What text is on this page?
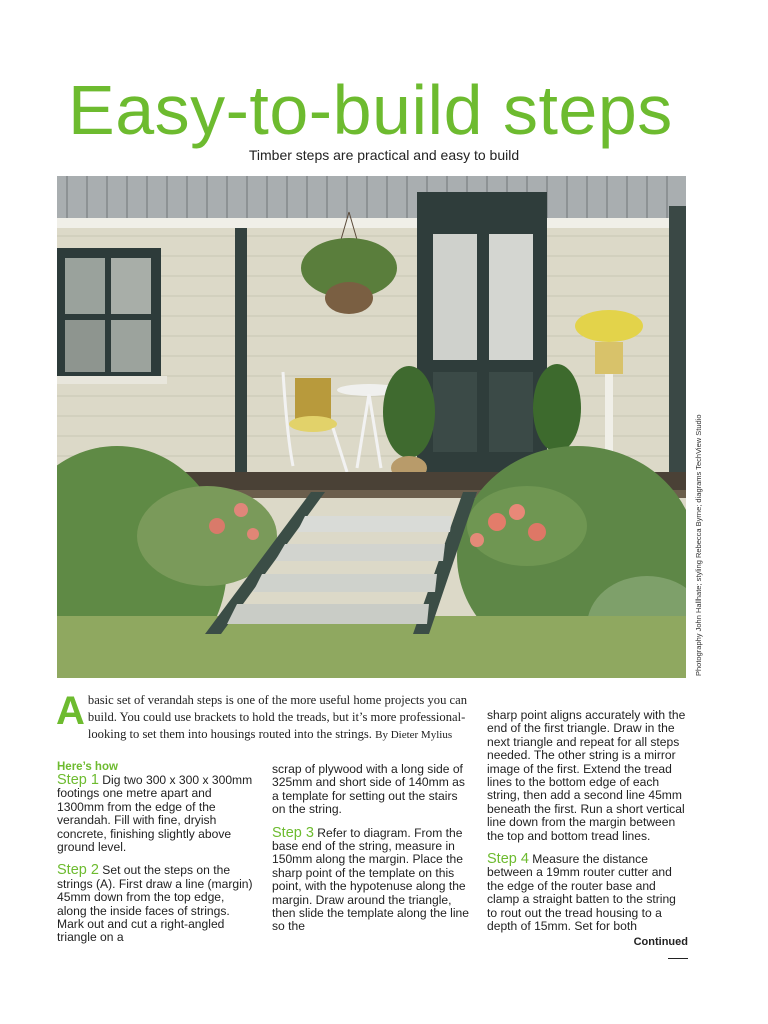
Easy-to-build steps
Timber steps are practical and easy to build
Photography John Hallhate; styling Rebecca Byrne; diagrams TechView Studio
A basic set of verandah steps is one of the more useful home projects you can build. You could use brackets to hold the treads, but it’s more professional-looking to set them into housings routed into the strings. By Dieter Mylius
Here’s how

Step 1 Dig two 300 x 300 x 300mm footings one metre apart and 1300mm from the edge of the verandah. Fill with fine, dryish concrete, finishing slightly above ground level.

Step 2 Set out the steps on the strings (A). First draw a line (margin) 45mm down from the top edge, along the inside faces of strings. Mark out and cut a right-angled triangle on a

scrap of plywood with a long side of 325mm and short side of 140mm as a template for setting out the stairs on the string.

Step 3 Refer to diagram. From the base end of the string, measure in 150mm along the margin. Place the sharp point of the template on this point, with the hypotenuse along the margin. Draw around the triangle, then slide the template along the line so the

sharp point aligns accurately with the end of the first triangle. Draw in the next triangle and repeat for all steps needed. The other string is a mirror image of the first. Extend the tread lines to the bottom edge of each string, then add a second line 45mm beneath the first. Run a short vertical line down from the margin between the top and bottom tread lines.

Step 4 Measure the distance between a 19mm router cutter and the edge of the router base and clamp a straight batten to the string to rout out the tread housing to a depth of 15mm. Set for both

Continued
